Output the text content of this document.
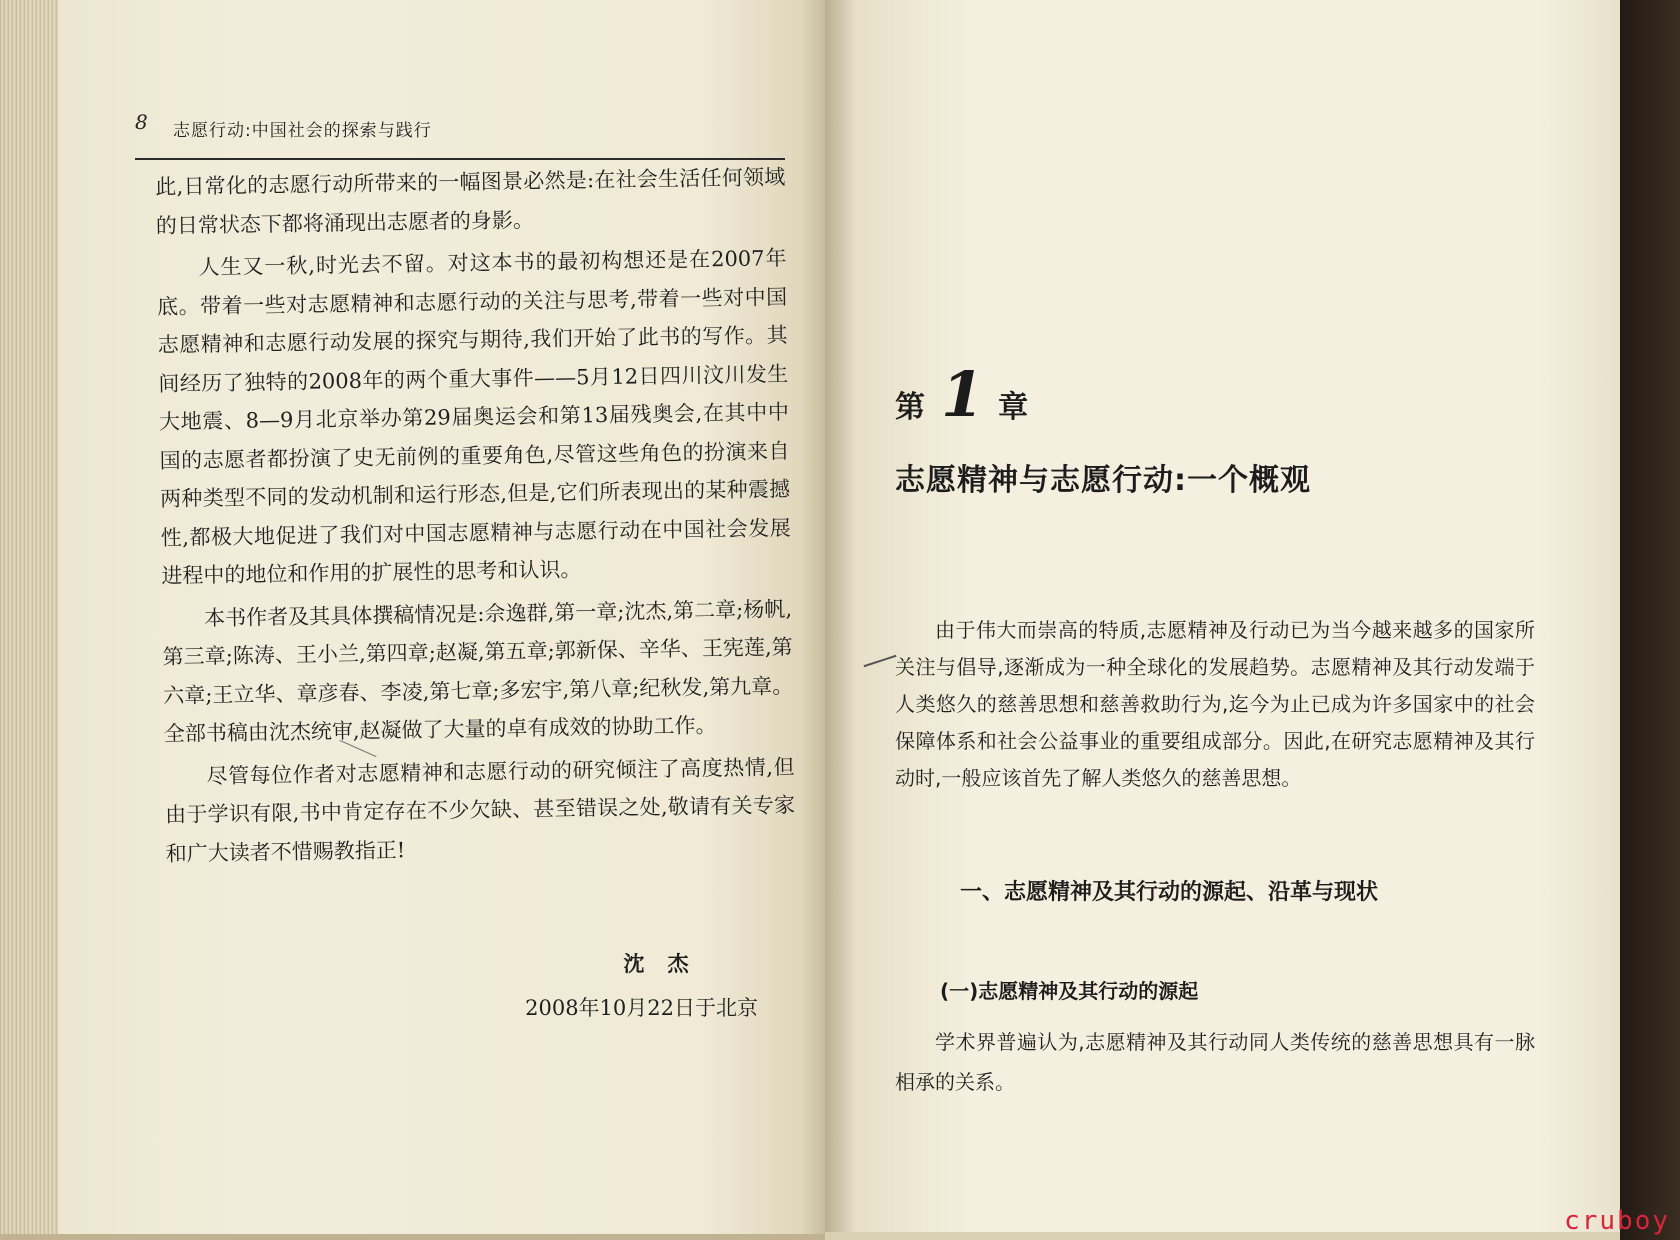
8 志愿行动:中国社会的探索与践行

此,日常化的志愿行动所带来的一幅图景必然是:在社会生活任何领域的日常状态下都将涌现出志愿者的身影。

人生又一秋,时光去不留。对这本书的最初构想还是在2007年底。带着一些对志愿精神和志愿行动的关注与思考,带着一些对中国志愿精神和志愿行动发展的探究与期待,我们开始了此书的写作。其间经历了独特的2008年的两个重大事件——5月12日四川汶川发生大地震、8—9月北京举办第29届奥运会和第13届残奥会,在其中中国的志愿者都扮演了史无前例的重要角色,尽管这些角色的扮演来自两种类型不同的发动机制和运行形态,但是,它们所表现出的某种震撼性,都极大地促进了我们对中国志愿精神与志愿行动在中国社会发展进程中的地位和作用的扩展性的思考和认识。

本书作者及其具体撰稿情况是:佘逸群,第一章;沈杰,第二章;杨帆,第三章;陈涛、王小兰,第四章;赵凝,第五章;郭新保、辛华、王宪莲,第六章;王立华、章彦春、李凌,第七章;多宏宇,第八章;纪秋发,第九章。全部书稿由沈杰统审,赵凝做了大量的卓有成效的协助工作。

尽管每位作者对志愿精神和志愿行动的研究倾注了高度热情,但由于学识有限,书中肯定存在不少欠缺、甚至错误之处,敬请有关专家和广大读者不惜赐教指正!

沈 杰
2008年10月22日于北京
第 1 章
志愿精神与志愿行动:一个概观
由于伟大而崇高的特质,志愿精神及行动已为当今越来越多的国家所关注与倡导,逐渐成为一种全球化的发展趋势。志愿精神及其行动发端于人类悠久的慈善思想和慈善救助行为,迄今为止已成为许多国家中的社会保障体系和社会公益事业的重要组成部分。因此,在研究志愿精神及其行动时,一般应该首先了解人类悠久的慈善思想。
一、志愿精神及其行动的源起、沿革与现状
(一)志愿精神及其行动的源起
学术界普遍认为,志愿精神及其行动同人类传统的慈善思想具有一脉相承的关系。
cruboy
